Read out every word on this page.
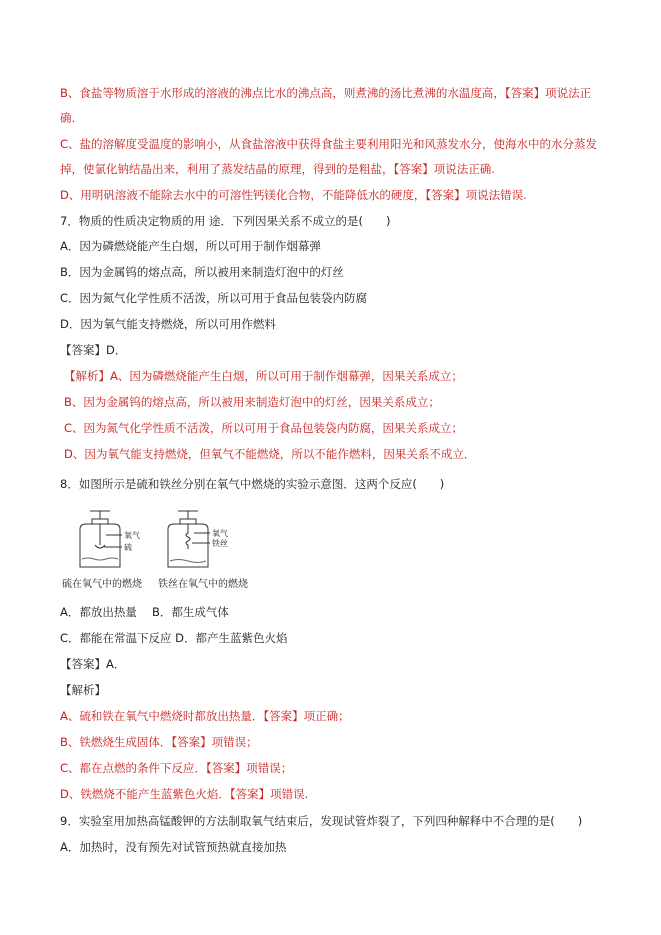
B、食盐等物质溶于水形成的溶液的沸点比水的沸点高，则煮沸的汤比煮沸的水温度高，【答案】项说法正
确.
C、盐的溶解度受温度的影响小，从食盐溶液中获得食盐主要利用阳光和风蒸发水分，使海水中的水分蒸发
掉，使氯化钠结晶出来，利用了蒸发结晶的原理，得到的是粗盐，【答案】项说法正确.
D、用明矾溶液不能除去水中的可溶性钙镁化合物，不能降低水的硬度，【答案】项说法错误.
7．物质的性质决定物质的用 途．下列因果关系不成立的是(　　)
A．因为磷燃烧能产生白烟，所以可用于制作烟幕弹
B．因为金属钨的熔点高，所以被用来制造灯泡中的灯丝
C．因为氮气化学性质不活泼，所以可用于食品包装袋内防腐
D．因为氧气能支持燃烧，所以可用作燃料
【答案】D．
【解析】A、因为磷燃烧能产生白烟，所以可用于制作烟幕弹，因果关系成立；
B、因为金属钨的熔点高，所以被用来制造灯泡中的灯丝，因果关系成立；
C、因为氮气化学性质不活泼，所以可用于食品包装袋内防腐，因果关系成立；
D、因为氧气能支持燃烧，但氧气不能燃烧，所以不能作燃料，因果关系不成立．
8．如图所示是硫和铁丝分别在氧气中燃烧的实验示意图．这两个反应(　　)
氧气
硫
氧气
铁丝
硫在氧气中的燃烧 铁丝在氧气中的燃烧
A．都放出热量　 B．都生成气体
C．都能在常温下反应 D．都产生蓝紫色火焰
【答案】A．
【解析】
A、硫和铁在氧气中燃烧时都放出热量．【答案】项正确；
B、铁燃烧生成固体．【答案】项错误；
C、都在点燃的条件下反应．【答案】项错误；
D、铁燃烧不能产生蓝紫色火焰．【答案】项错误.
9．实验室用加热高锰酸钾的方法制取氧气结束后，发现试管炸裂了，下列四种解释中不合理的是(　　)
A．加热时，没有预先对试管预热就直接加热
